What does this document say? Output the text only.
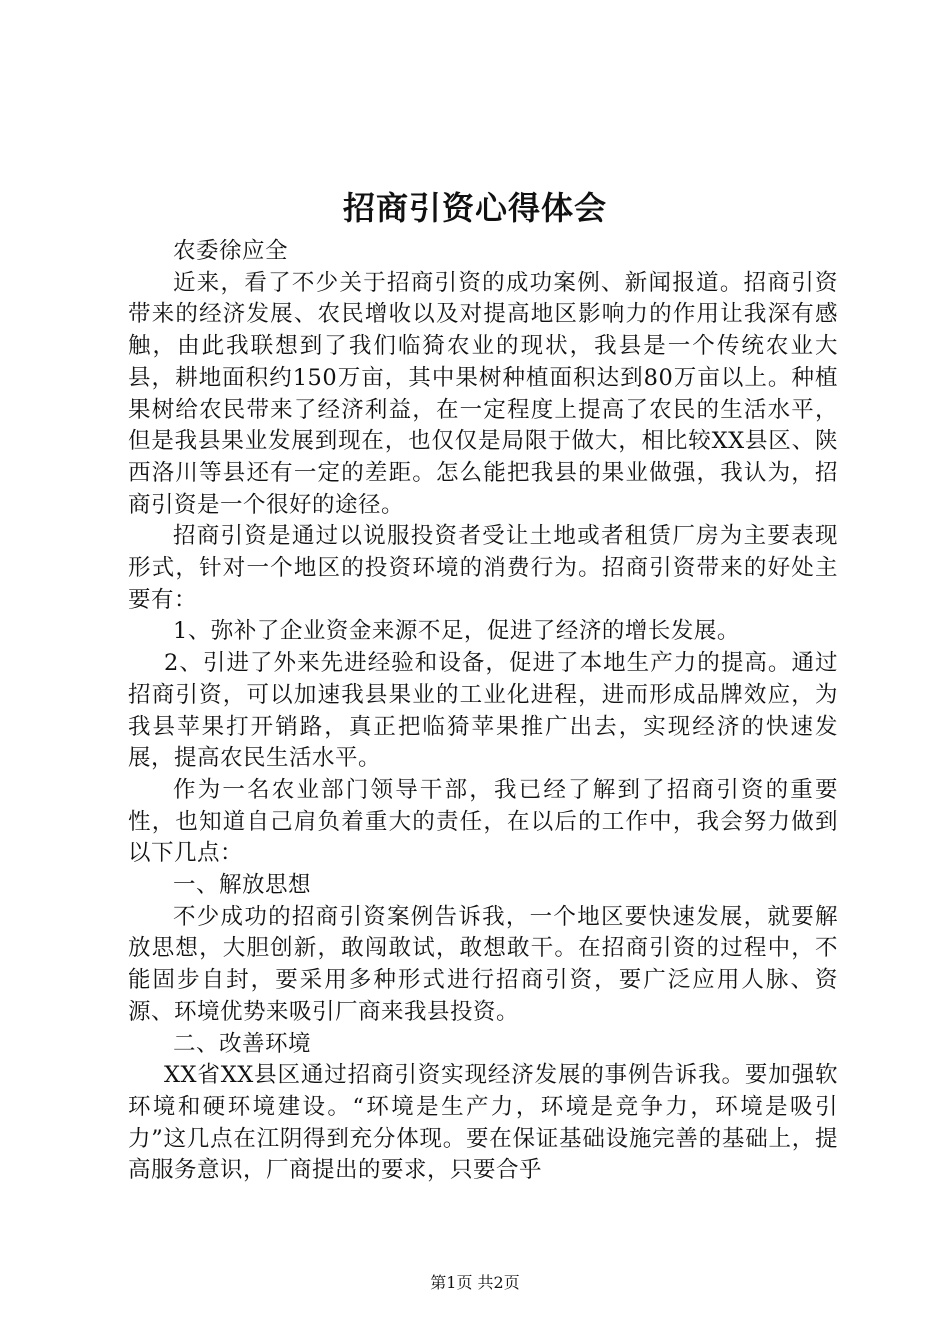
招商引资心得体会

农委徐应全

近来，看了不少关于招商引资的成功案例、新闻报道。招商引资带来的经济发展、农民增收以及对提高地区影响力的作用让我深有感触，由此我联想到了我们临猗农业的现状，我县是一个传统农业大县，耕地面积约150万亩，其中果树种植面积达到80万亩以上。种植果树给农民带来了经济利益，在一定程度上提高了农民的生活水平，但是我县果业发展到现在，也仅仅是局限于做大，相比较XX县区、陕西洛川等县还有一定的差距。怎么能把我县的果业做强，我认为，招商引资是一个很好的途径。

招商引资是通过以说服投资者受让土地或者租赁厂房为主要表现形式，针对一个地区的投资环境的消费行为。招商引资带来的好处主要有：

1、弥补了企业资金来源不足，促进了经济的增长发展。

2、引进了外来先进经验和设备，促进了本地生产力的提高。通过招商引资，可以加速我县果业的工业化进程，进而形成品牌效应，为我县苹果打开销路，真正把临猗苹果推广出去，实现经济的快速发展，提高农民生活水平。

作为一名农业部门领导干部，我已经了解到了招商引资的重要性，也知道自己肩负着重大的责任，在以后的工作中，我会努力做到以下几点：

一、解放思想

不少成功的招商引资案例告诉我，一个地区要快速发展，就要解放思想，大胆创新，敢闯敢试，敢想敢干。在招商引资的过程中，不能固步自封，要采用多种形式进行招商引资，要广泛应用人脉、资源、环境优势来吸引厂商来我县投资。

二、改善环境

XX省XX县区通过招商引资实现经济发展的事例告诉我。要加强软环境和硬环境建设。“环境是生产力，环境是竞争力，环境是吸引力”这几点在江阴得到充分体现。要在保证基础设施完善的基础上，提高服务意识，厂商提出的要求，只要合乎

第1页 共2页
